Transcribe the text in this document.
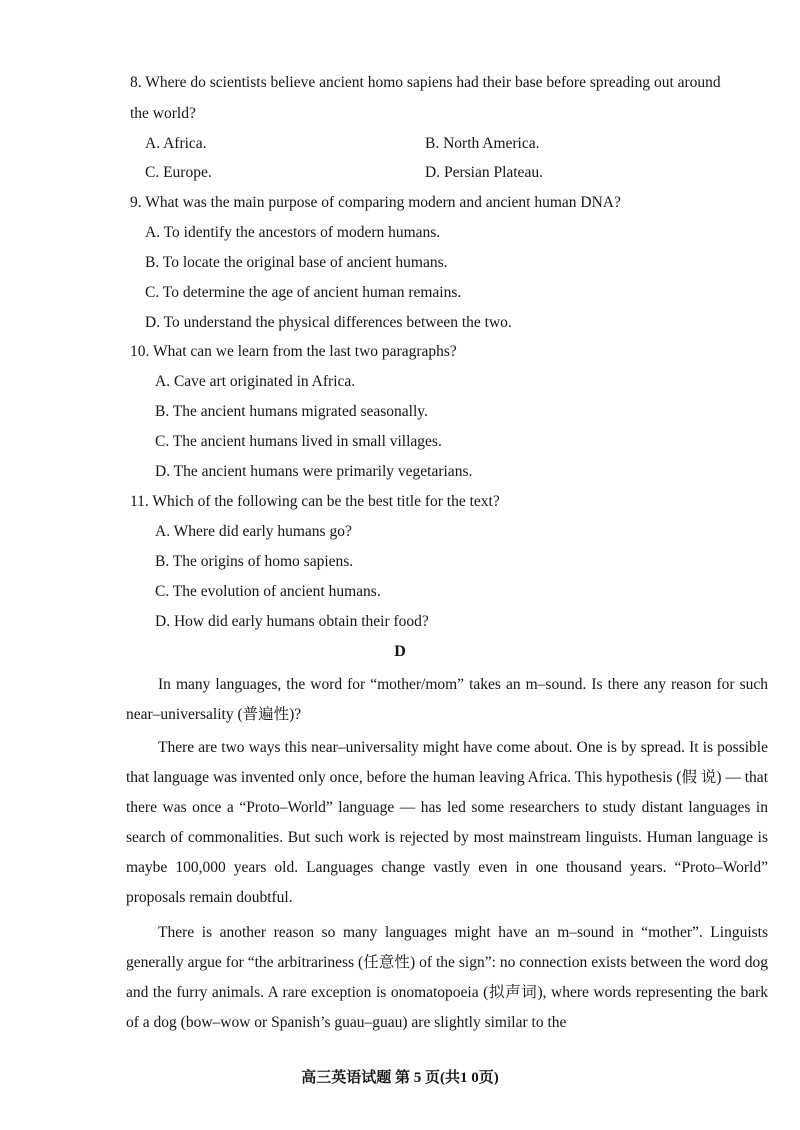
8. Where do scientists believe ancient homo sapiens had their base before spreading out around
the world?
A. Africa.	B. North America.
C. Europe.	D. Persian Plateau.
9. What was the main purpose of comparing modern and ancient human DNA?
A. To identify the ancestors of modern humans.
B. To locate the original base of ancient humans.
C. To determine the age of ancient human remains.
D. To understand the physical differences between the two.
10. What can we learn from the last two paragraphs?
A. Cave art originated in Africa.
B. The ancient humans migrated seasonally.
C. The ancient humans lived in small villages.
D. The ancient humans were primarily vegetarians.
11. Which of the following can be the best title for the text?
A. Where did early humans go?
B. The origins of homo sapiens.
C. The evolution of ancient humans.
D. How did early humans obtain their food?
D
In many languages, the word for “mother/mom” takes an m–sound. Is there any reason for such near–universality (普遍性)?
There are two ways this near–universality might have come about. One is by spread. It is possible that language was invented only once, before the human leaving Africa. This hypothesis (假 说) — that there was once a “Proto–World” language — has led some researchers to study distant languages in search of commonalities. But such work is rejected by most mainstream linguists. Human language is maybe 100,000 years old. Languages change vastly even in one thousand years. “Proto–World” proposals remain doubtful.
There is another reason so many languages might have an m–sound in “mother”. Linguists generally argue for “the arbitrariness (任意性) of the sign”: no connection exists between the word dog and the furry animals. A rare exception is onomatopoeia (拟声词), where words representing the bark of a dog (bow–wow or Spanish’s guau–guau) are slightly similar to the
高三英语试题 第 5 页(共1 0页)
